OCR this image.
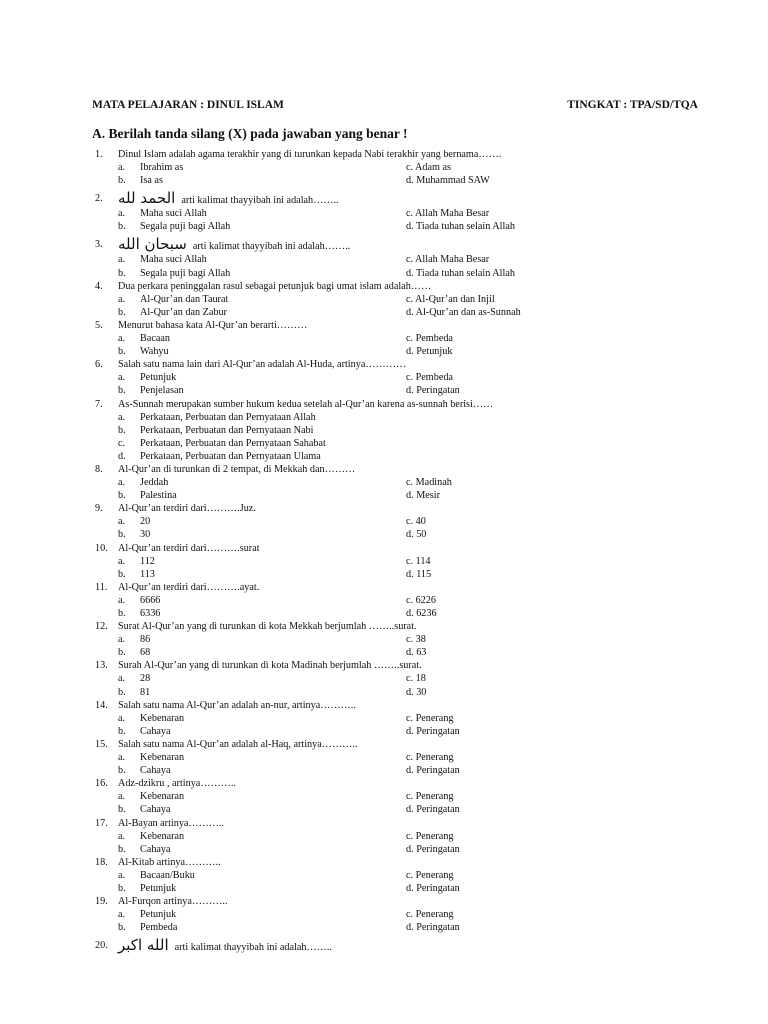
MATA PELAJARAN : DINUL ISLAM	TINGKAT : TPA/SD/TQA
A. Berilah tanda silang (X) pada jawaban yang benar !
1. Dinul Islam adalah agama terakhir yang di turunkan kepada Nabi terakhir yang bernama…….
a. Ibrahim as	c. Adam as
b. Isa as	d. Muhammad SAW
2. الحمد لله arti kalimat thayyibah ini adalah……..
a. Maha suci Allah	c. Allah Maha Besar
b. Segala puji bagi Allah	d. Tiada tuhan selain Allah
3. سبحان الله arti kalimat thayyibah ini adalah……..
a. Maha suci Allah	c. Allah Maha Besar
b. Segala puji bagi Allah	d. Tiada tuhan selain Allah
4. Dua perkara peninggalan rasul sebagai petunjuk bagi umat islam adalah……
a. Al-Qur’an dan Taurat	c. Al-Qur’an dan Injil
b. Al-Qur’an dan Zabur	d. Al-Qur’an dan as-Sunnah
5. Menurut bahasa kata Al-Qur’an berarti………
a. Bacaan	c. Pembeda
b. Wahyu	d. Petunjuk
6. Salah satu nama lain dari Al-Qur’an adalah Al-Huda, artinya…………
a. Petunjuk	c. Pembeda
b. Penjelasan	d. Peringatan
7. As-Sunnah merupakan sumber hukum kedua setelah al-Qur’an karena as-sunnah berisi……
a. Perkataan, Perbuatan dan Pernyataan Allah
b. Perkataan, Perbuatan dan Pernyataan Nabi
c. Perkataan, Perbuatan dan Pernyataan Sahabat
d. Perkataan, Perbuatan dan Pernyataan Ulama
8. Al-Qur’an di turunkan di 2 tempat, di Mekkah dan………
a. Jeddah	c. Madinah
b. Palestina	d. Mesir
9. Al-Qur’an terdiri dari……….Juz.
a. 20	c. 40
b. 30	d. 50
10. Al-Qur’an terdiri dari……….surat
a. 112	c. 114
b. 113	d. 115
11. Al-Qur’an terdiri dari……….ayat.
a. 6666	c. 6226
b. 6336	d. 6236
12. Surat Al-Qur’an yang di turunkan di kota Mekkah berjumlah ……..surat.
a. 86	c. 38
b. 68	d. 63
13. Surah Al-Qur’an yang di turunkan di kota Madinah berjumlah ……..surat.
a. 28	c. 18
b. 81	d. 30
14. Salah satu nama Al-Qur’an adalah an-nur, artinya………..
a. Kebenaran	c. Penerang
b. Cahaya	d. Peringatan
15. Salah satu nama Al-Qur’an adalah al-Haq, artinya………..
a. Kebenaran	c. Penerang
b. Cahaya	d. Peringatan
16. Adz-dzikru , artinya………..
a. Kebenaran	c. Penerang
b. Cahaya	d. Peringatan
17. Al-Bayan artinya………..
a. Kebenaran	c. Penerang
b. Cahaya	d. Peringatan
18. Al-Kitab artinya………..
a. Bacaan/Buku	c. Penerang
b. Petunjuk	d. Peringatan
19. Al-Furqon artinya………..
a. Petunjuk	c. Penerang
b. Pembeda	d. Peringatan
20. الله اكبر arti kalimat thayyibah ini adalah……..
